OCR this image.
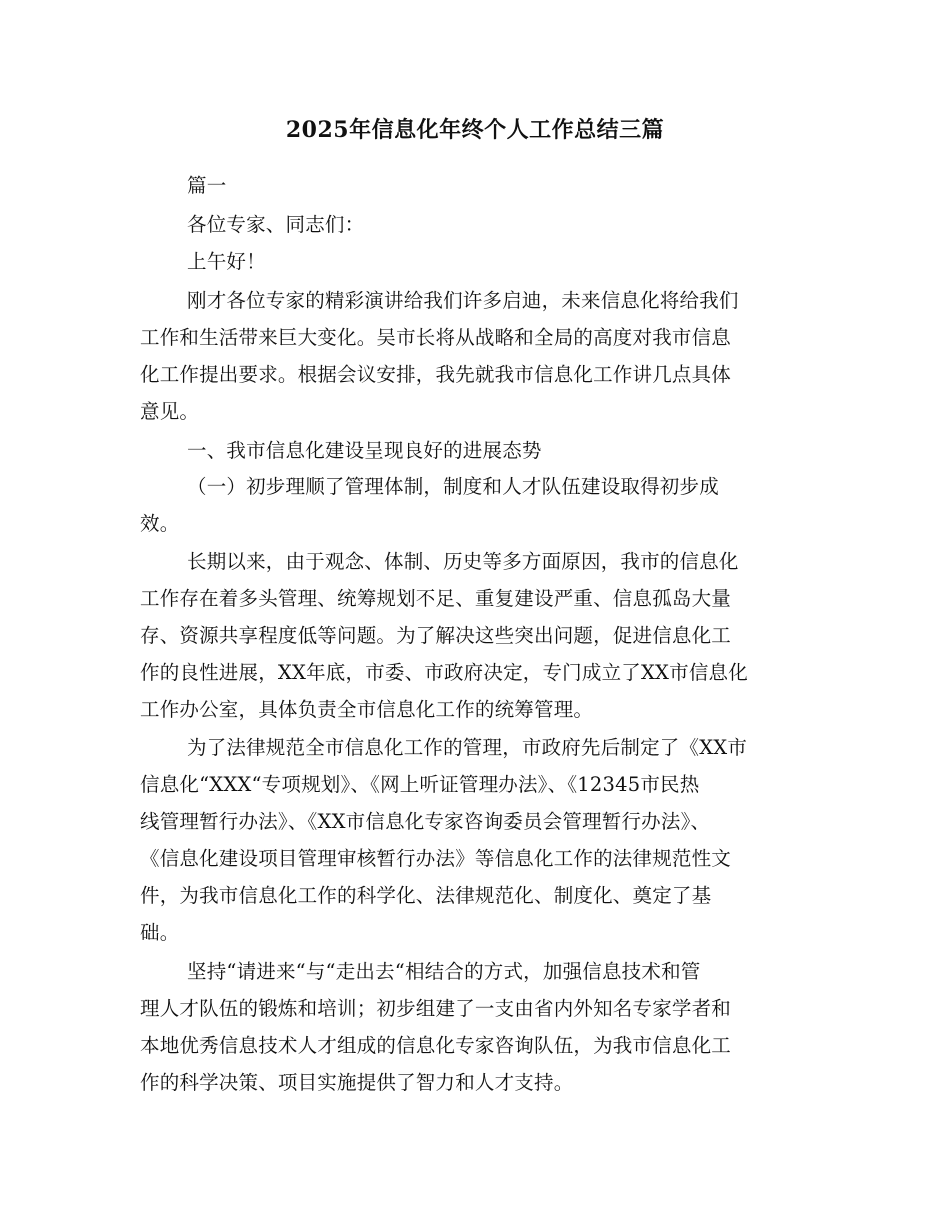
2025年信息化年终个人工作总结三篇
篇一
各位专家、同志们：
上午好！
刚才各位专家的精彩演讲给我们许多启迪，未来信息化将给我们
工作和生活带来巨大变化。吴市长将从战略和全局的高度对我市信息
化工作提出要求。根据会议安排，我先就我市信息化工作讲几点具体
意见。
一、我市信息化建设呈现良好的进展态势
（一）初步理顺了管理体制，制度和人才队伍建设取得初步成
效。
长期以来，由于观念、体制、历史等多方面原因，我市的信息化
工作存在着多头管理、统筹规划不足、重复建设严重、信息孤岛大量
存、资源共享程度低等问题。为了解决这些突出问题，促进信息化工
作的良性进展，XX年底，市委、市政府决定，专门成立了XX市信息化
工作办公室，具体负责全市信息化工作的统筹管理。
为了法律规范全市信息化工作的管理，市政府先后制定了《XX市
信息化“XXX“专项规划》、《网上听证管理办法》、《12345市民热
线管理暂行办法》、《XX市信息化专家咨询委员会管理暂行办法》、
《信息化建设项目管理审核暂行办法》等信息化工作的法律规范性文
件，为我市信息化工作的科学化、法律规范化、制度化、奠定了基
础。
坚持“请进来“与“走出去“相结合的方式，加强信息技术和管
理人才队伍的锻炼和培训；初步组建了一支由省内外知名专家学者和
本地优秀信息技术人才组成的信息化专家咨询队伍，为我市信息化工
作的科学决策、项目实施提供了智力和人才支持。
